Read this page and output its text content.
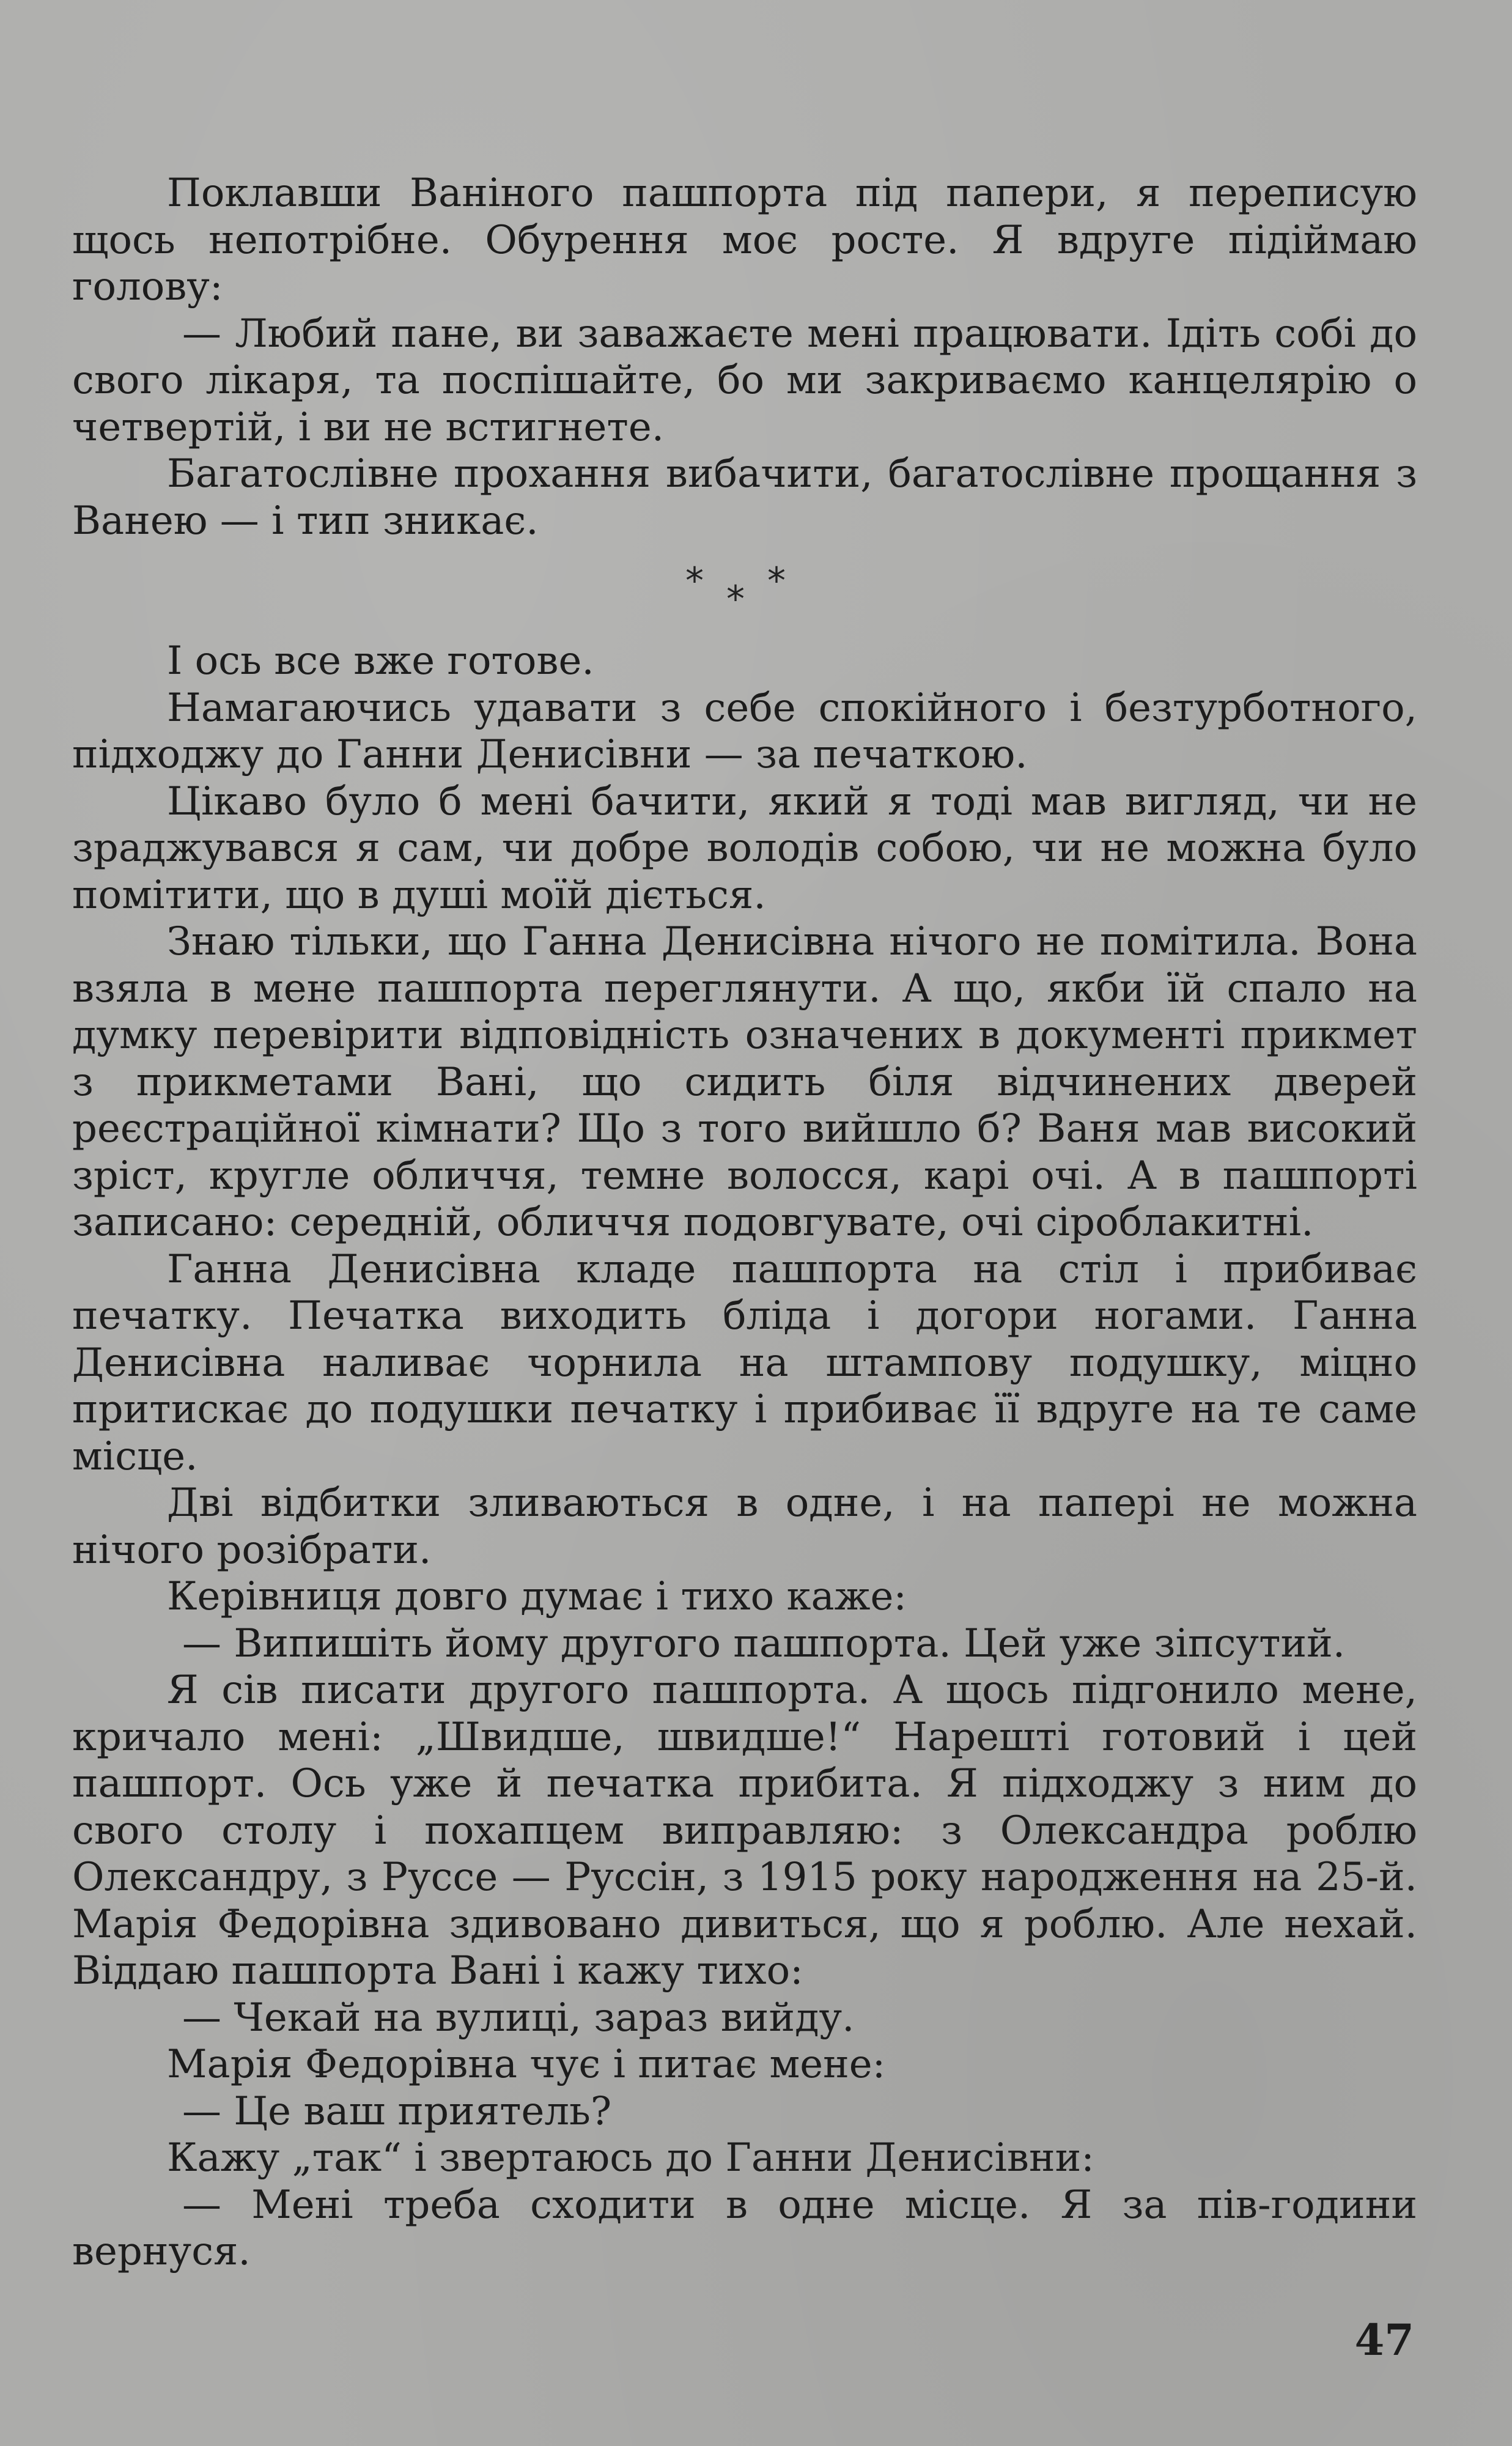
Поклавши Ваніного пашпорта під папери, я переписую щось непотрібне. Обурення моє росте. Я вдруге підіймаю голову:

— Любий пане, ви заважаєте мені працювати. Ідіть собі до свого лікаря, та поспішайте, бо ми закриваємо канцелярію о четвертій, і ви не встигнете.

Багатослівне прохання вибачити, багатослівне прощання з Ванею — і тип зникає.

* * *

І ось все вже готове.

Намагаючись удавати з себе спокійного і безтурботного, підходжу до Ганни Денисівни — за печаткою.

Цікаво було б мені бачити, який я тоді мав вигляд, чи не зраджувався я сам, чи добре володів собою, чи не можна було помітити, що в душі моїй діється.

Знаю тільки, що Ганна Денисівна нічого не помітила. Вона взяла в мене пашпорта переглянути. А що, якби їй спало на думку перевірити відповідність означених в документі прикмет з прикметами Вані, що сидить біля відчинених дверей реєстраційної кімнати? Що з того вийшло б? Ваня мав високий зріст, кругле обличчя, темне волосся, карі очі. А в пашпорті записано: середній, обличчя подовгувате, очі сіроблакитні.

Ганна Денисівна кладе пашпорта на стіл і прибиває печатку. Печатка виходить бліда і догори ногами. Ганна Денисівна наливає чорнила на штампову подушку, міцно притискає до подушки печатку і прибиває її вдруге на те саме місце.

Дві відбитки зливаються в одне, і на папері не можна нічого розібрати.

Керівниця довго думає і тихо каже:

— Випишіть йому другого пашпорта. Цей уже зіпсутий.

Я сів писати другого пашпорта. А щось підгонило мене, кричало мені: „Швидше, швидше!“ Нарешті готовий і цей пашпорт. Ось уже й печатка прибита. Я підходжу з ним до свого столу і похапцем виправляю: з Олександра роблю Олександру, з Руссе — Руссін, з 1915 року народження на 25-й. Марія Федорівна здивовано дивиться, що я роблю. Але нехай. Віддаю пашпорта Вані і кажу тихо:

— Чекай на вулиці, зараз вийду.

Марія Федорівна чує і питає мене:

— Це ваш приятель?

Кажу „так“ і звертаюсь до Ганни Денисівни:

— Мені треба сходити в одне місце. Я за пів-години вернуся.

47
